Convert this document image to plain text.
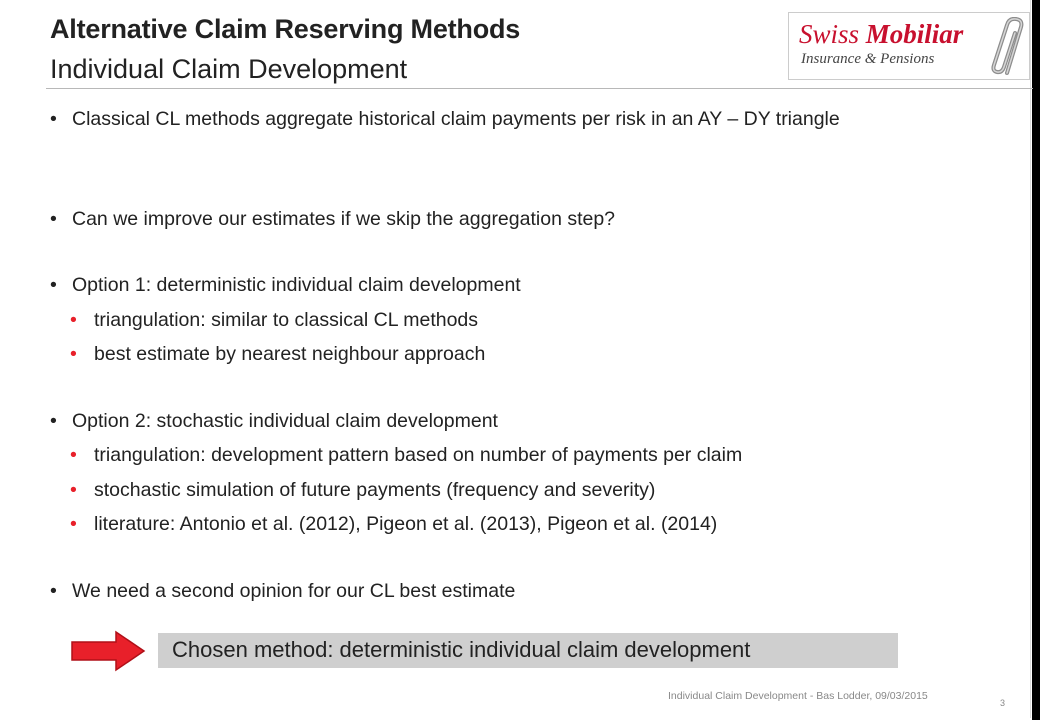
Alternative Claim Reserving Methods
Individual Claim Development
Swiss Mobiliar
Insurance & Pensions
• Classical CL methods aggregate historical claim payments per risk in an AY – DY triangle
• Can we improve our estimates if we skip the aggregation step?
• Option 1: deterministic individual claim development
• triangulation: similar to classical CL methods
• best estimate by nearest neighbour approach
• Option 2: stochastic individual claim development
• triangulation: development pattern based on number of payments per claim
• stochastic simulation of future payments (frequency and severity)
• literature: Antonio et al. (2012), Pigeon et al. (2013), Pigeon et al. (2014)
• We need a second opinion for our CL best estimate
Chosen method: deterministic individual claim development
Individual Claim Development - Bas Lodder, 09/03/2015
3
